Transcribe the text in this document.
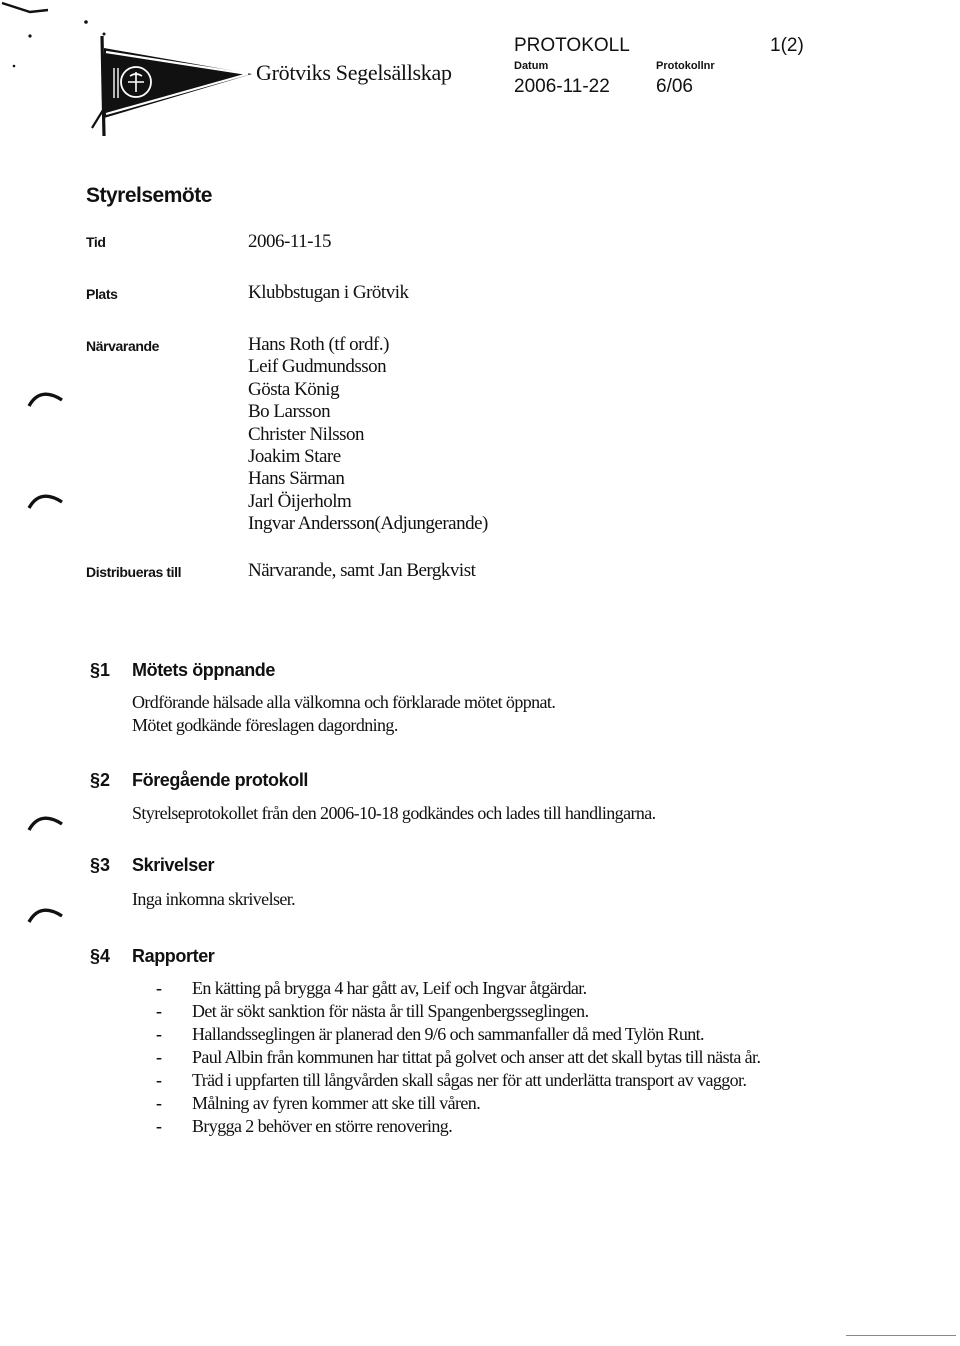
Grötviks Segelsällskap
PROTOKOLL	1(2)
Datum	Protokollnr
2006-11-22 6/06
Styrelsemöte
Tid	2006-11-15
Plats	Klubbstugan i Grötvik
Närvarande	Hans Roth (tf ordf.)
Leif Gudmundsson
Gösta König
Bo Larsson
Christer Nilsson
Joakim Stare
Hans Särman
Jarl Öijerholm
Ingvar Andersson(Adjungerande)
Distribueras till	Närvarande, samt Jan Bergkvist
§1 Mötets öppnande
Ordförande hälsade alla välkomna och förklarade mötet öppnat.
Mötet godkände föreslagen dagordning.
§2 Föregående protokoll
Styrelseprotokollet från den 2006-10-18 godkändes och lades till handlingarna.
§3 Skrivelser
Inga inkomna skrivelser.
§4 Rapporter
- En kätting på brygga 4 har gått av, Leif och Ingvar åtgärdar.
- Det är sökt sanktion för nästa år till Spangenbergsseglingen.
- Hallandsseglingen är planerad den 9/6 och sammanfaller då med Tylön Runt.
- Paul Albin från kommunen har tittat på golvet och anser att det skall bytas till nästa år.
- Träd i uppfarten till långvården skall sågas ner för att underlätta transport av vaggor.
- Målning av fyren kommer att ske till våren.
- Brygga 2 behöver en större renovering.
